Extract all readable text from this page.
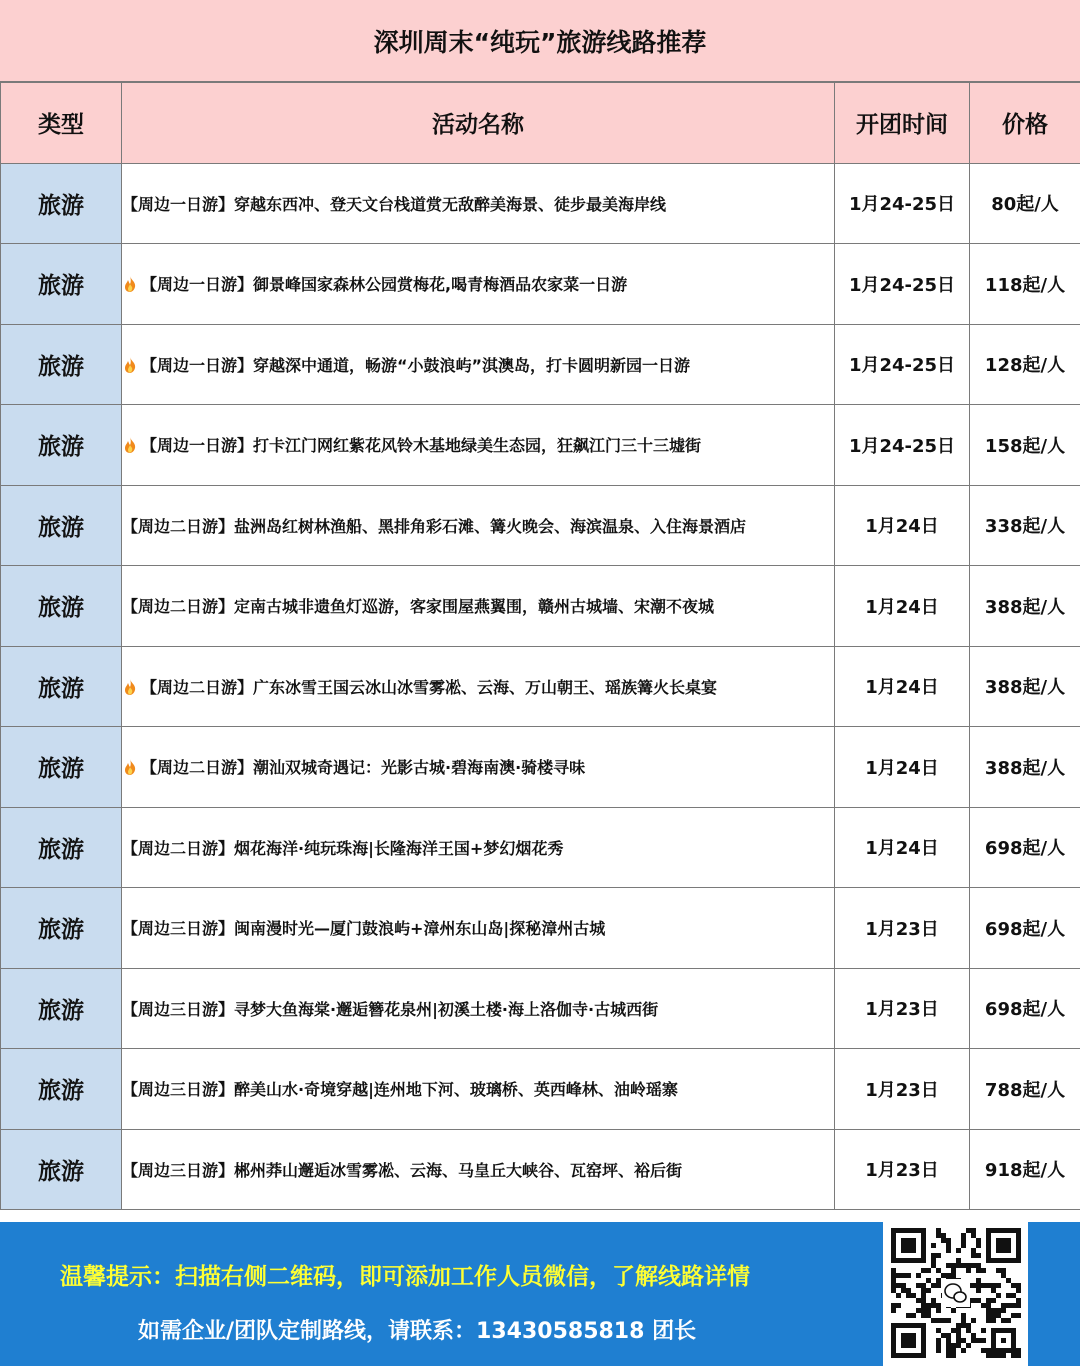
深圳周末“纯玩”旅游线路推荐
类型	活动名称	开团时间	价格
旅游	【周边一日游】穿越东西冲、登天文台栈道赏无敌醉美海景、徒步最美海岸线	1月24-25日	80起/人
旅游	【周边一日游】御景峰国家森林公园赏梅花,喝青梅酒品农家菜一日游	1月24-25日	118起/人
旅游	【周边一日游】穿越深中通道，畅游“小鼓浪屿”淇澳岛，打卡圆明新园一日游	1月24-25日	128起/人
旅游	【周边一日游】打卡江门网红紫花风铃木基地绿美生态园，狂飙江门三十三墟街	1月24-25日	158起/人
旅游	【周边二日游】盐洲岛红树林渔船、黑排角彩石滩、篝火晚会、海滨温泉、入住海景酒店	1月24日	338起/人
旅游	【周边二日游】定南古城非遗鱼灯巡游，客家围屋燕翼围，赣州古城墙、宋潮不夜城	1月24日	388起/人
旅游	【周边二日游】广东冰雪王国云冰山冰雪雾凇、云海、万山朝王、瑶族篝火长桌宴	1月24日	388起/人
旅游	【周边二日游】潮汕双城奇遇记：光影古城·碧海南澳·骑楼寻味	1月24日	388起/人
旅游	【周边二日游】烟花海洋·纯玩珠海|长隆海洋王国+梦幻烟花秀	1月24日	698起/人
旅游	【周边三日游】闽南漫时光—厦门鼓浪屿+漳州东山岛|探秘漳州古城	1月23日	698起/人
旅游	【周边三日游】寻梦大鱼海棠·邂逅簪花泉州|初溪土楼·海上洛伽寺·古城西街	1月23日	698起/人
旅游	【周边三日游】醉美山水·奇境穿越|连州地下河、玻璃桥、英西峰林、油岭瑶寨	1月23日	788起/人
旅游	【周边三日游】郴州莽山邂逅冰雪雾凇、云海、马皇丘大峡谷、瓦窑坪、裕后街	1月23日	918起/人
温馨提示：扫描右侧二维码，即可添加工作人员微信，了解线路详情
如需企业/团队定制路线，请联系：13430585818 团长
